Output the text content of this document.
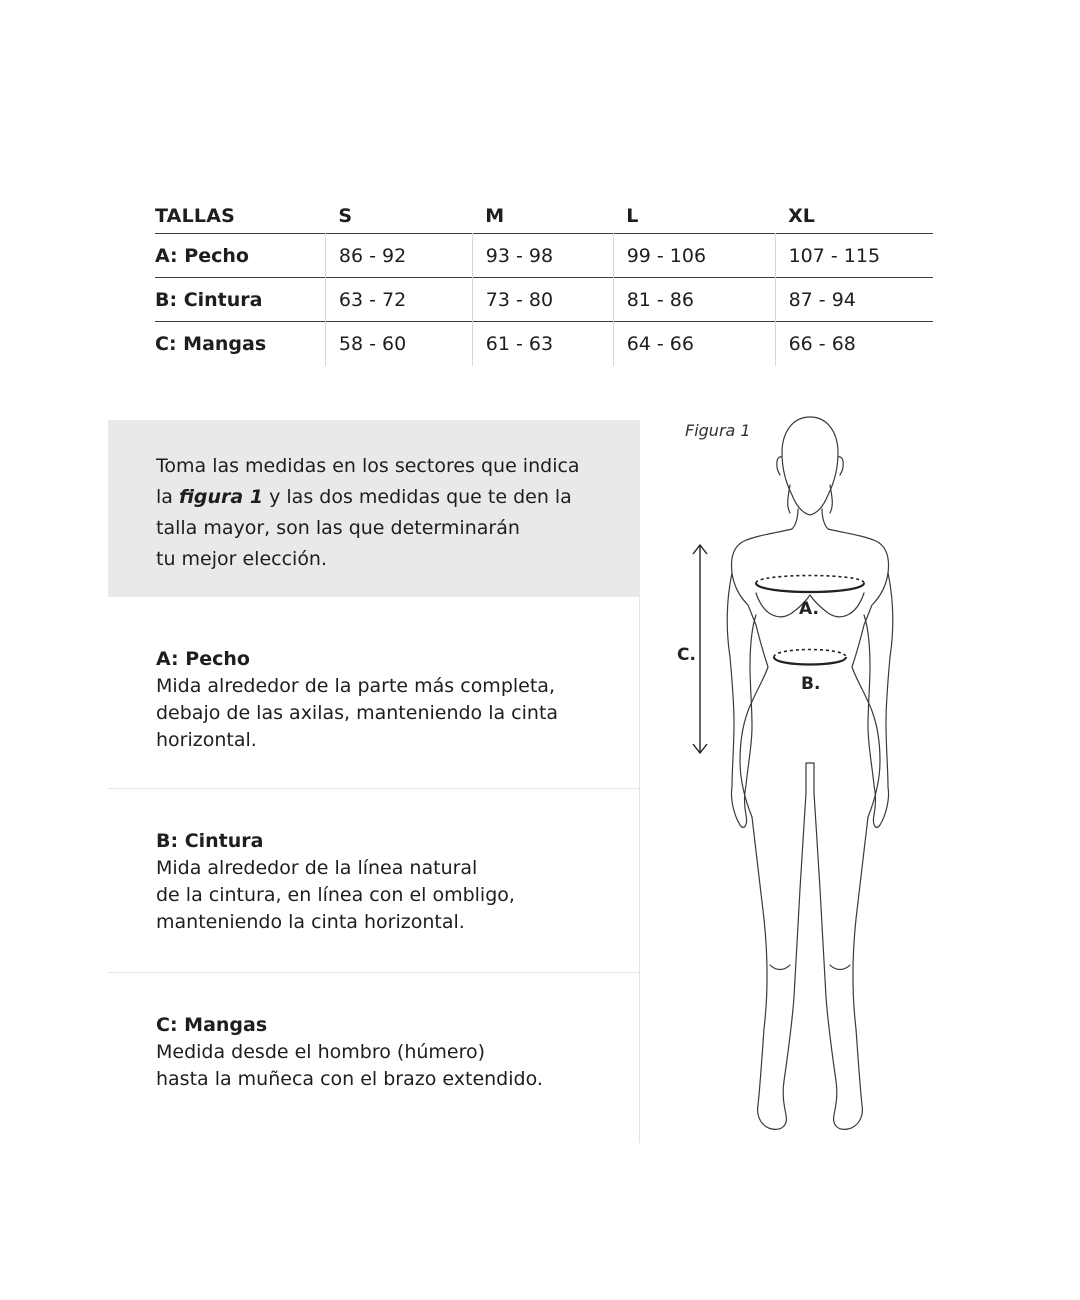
TALLAS	S	M	L	XL
A: Pecho	86 - 92	93 - 98	99 - 106	107 - 115
B: Cintura	63 - 72	73 - 80	81 - 86	87 - 94
C: Mangas	58 - 60	61 - 63	64 - 66	66 - 68

Toma las medidas en los sectores que indica
la figura 1 y las dos medidas que te den la
talla mayor, son las que determinarán
tu mejor elección.

A: Pecho

Mida alrededor de la parte más completa,

debajo de las axilas, manteniendo la cinta

horizontal.

B: Cintura

Mida alrededor de la línea natural

de la cintura, en línea con el ombligo,

manteniendo la cinta horizontal.

C: Mangas

Medida desde el hombro (húmero)

hasta la muñeca con el brazo extendido.

Figura 1
A.
B.
C.
